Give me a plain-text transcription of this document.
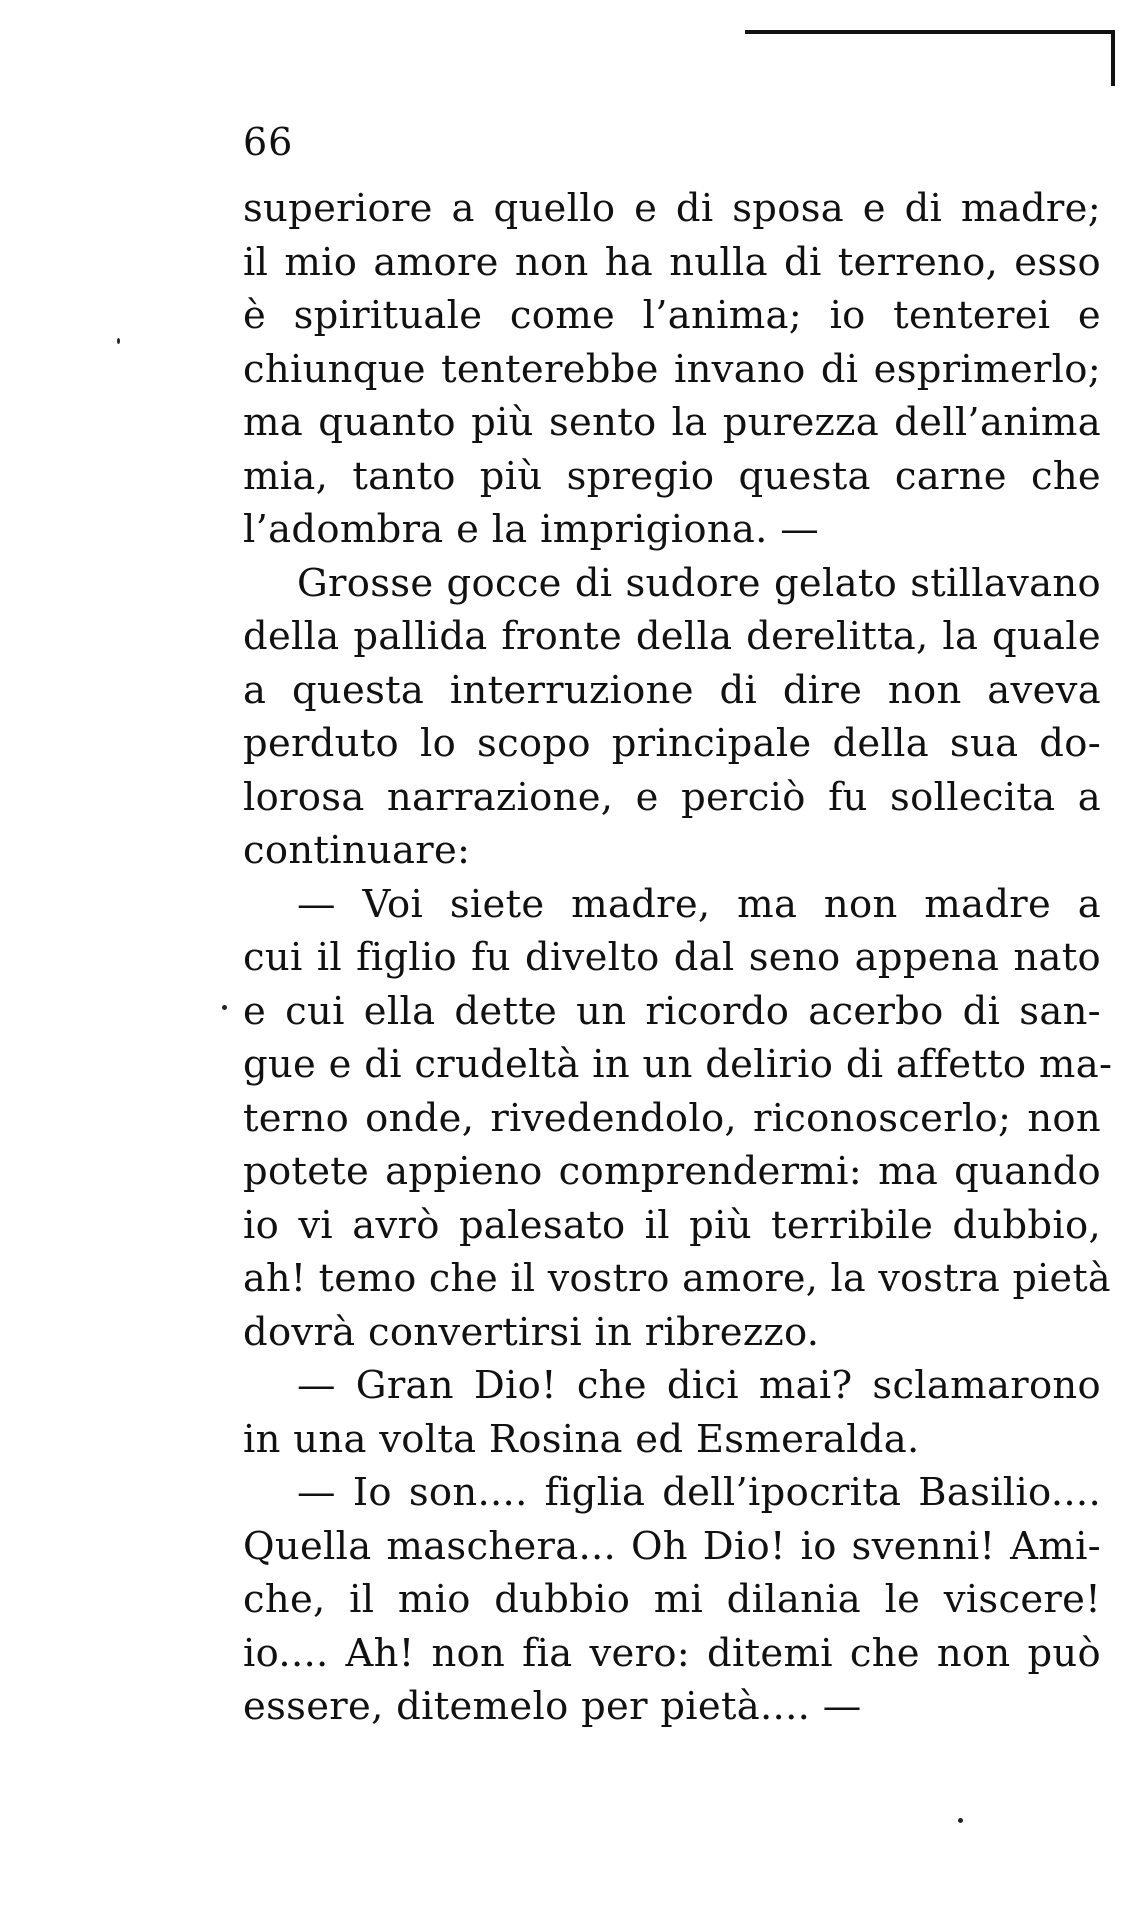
66
superiore a quello e di sposa e di madre;
il mio amore non ha nulla di terreno, esso
è spirituale come l’anima; io tenterei e
chiunque tenterebbe invano di esprimerlo;
ma quanto più sento la purezza dell’anima
mia, tanto più spregio questa carne che
l’adombra e la imprigiona. —
Grosse gocce di sudore gelato stillavano
della pallida fronte della derelitta, la quale
a questa interruzione di dire non aveva
perduto lo scopo principale della sua do-
lorosa narrazione, e perciò fu sollecita a
continuare:
— Voi siete madre, ma non madre a
cui il figlio fu divelto dal seno appena nato
e cui ella dette un ricordo acerbo di san-
gue e di crudeltà in un delirio di affetto ma-
terno onde, rivedendolo, riconoscerlo; non
potete appieno comprendermi: ma quando
io vi avrò palesato il più terribile dubbio,
ah! temo che il vostro amore, la vostra pietà
dovrà convertirsi in ribrezzo.
— Gran Dio! che dici mai? sclamarono
in una volta Rosina ed Esmeralda.
— Io son.... figlia dell’ipocrita Basilio....
Quella maschera... Oh Dio! io svenni! Ami-
che, il mio dubbio mi dilania le viscere!
io.... Ah! non fia vero: ditemi che non può
essere, ditemelo per pietà.... —
